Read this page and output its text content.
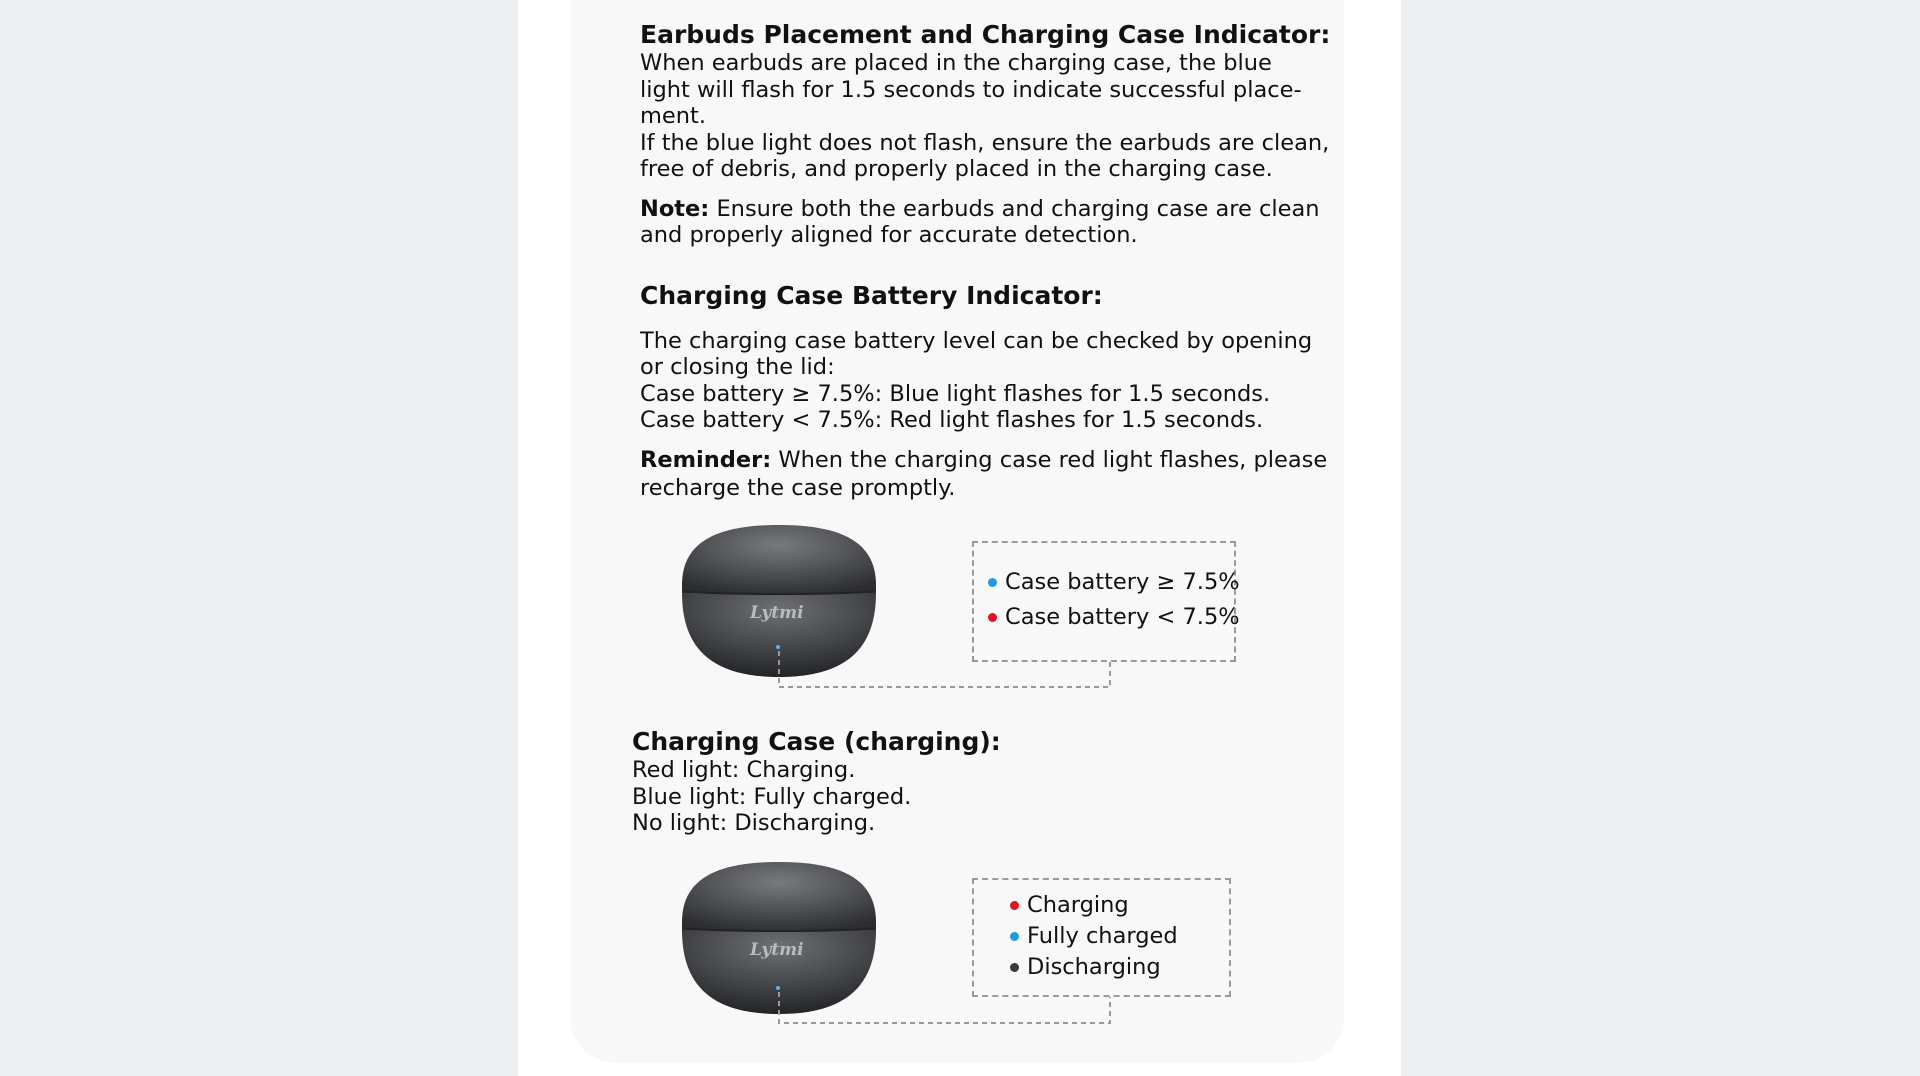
Earbuds Placement and Charging Case Indicator:
When earbuds are placed in the charging case, the blue
light will flash for 1.5 seconds to indicate successful place-
ment.
If the blue light does not flash, ensure the earbuds are clean,
free of debris, and properly placed in the charging case.
Note: Ensure both the earbuds and charging case are clean
and properly aligned for accurate detection.
Charging Case Battery Indicator:
The charging case battery level can be checked by opening
or closing the lid:
Case battery ≥ 7.5%: Blue light flashes for 1.5 seconds.
Case battery < 7.5%: Red light flashes for 1.5 seconds.
Reminder: When the charging case red light flashes, please
recharge the case promptly.
Lytmi
Case battery ≥ 7.5%
Case battery < 7.5%
Charging Case (charging):
Red light: Charging.
Blue light: Fully charged.
No light: Discharging.
Lytmi
Charging
Fully charged
Discharging
